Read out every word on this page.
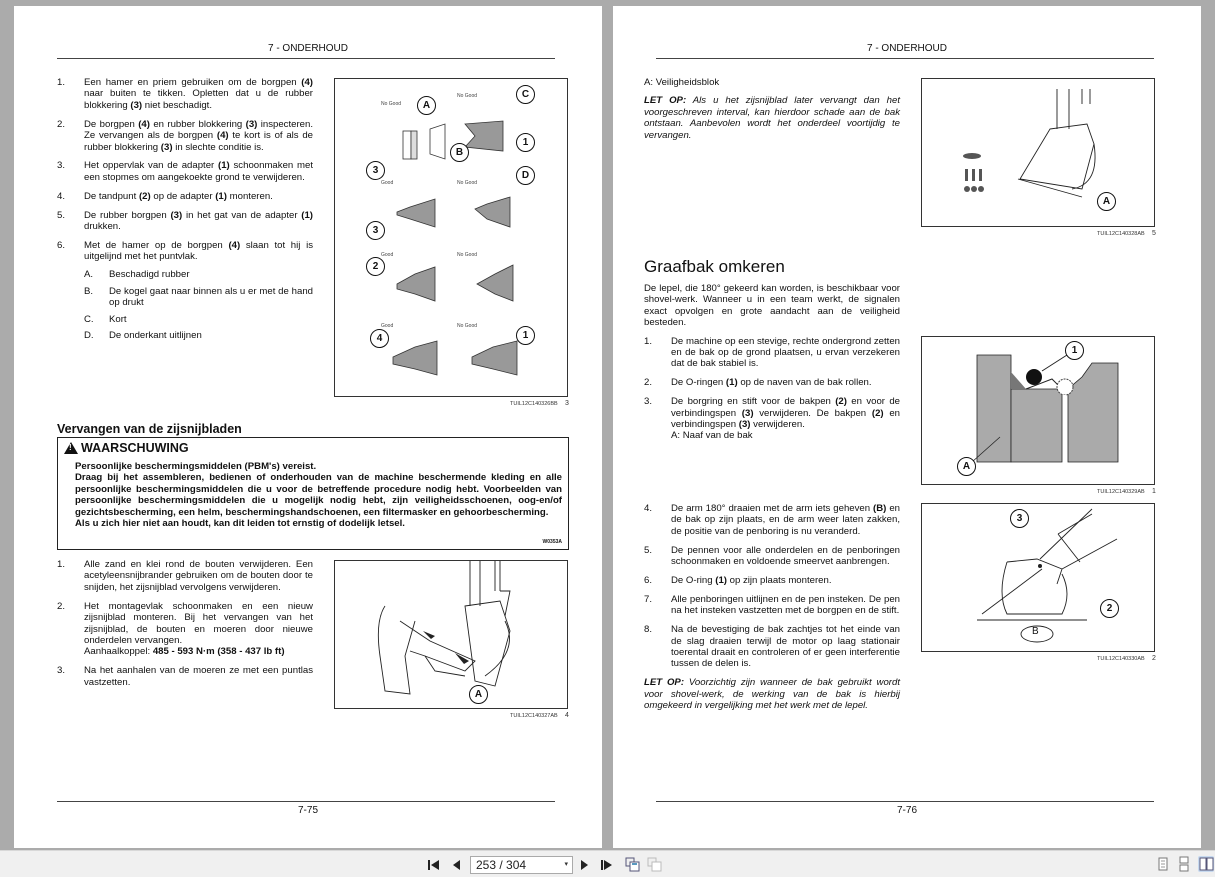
7 - ONDERHOUD
1. Een hamer en priem gebruiken om de borgpen (4) naar buiten te tikken. Opletten dat u de rubber blokkering (3) niet beschadigt.
2. De borgpen (4) en rubber blokkering (3) inspecteren. Ze vervangen als de borgpen (4) te kort is of als de rubber blokkering (3) in slechte conditie is.
3. Het oppervlak van de adapter (1) schoonmaken met een stopmes om aangekoekte grond te verwijderen.
4. De tandpunt (2) op de adapter (1) monteren.
5. De rubber borgpen (3) in het gat van de adapter (1) drukken.
6. Met de hamer op de borgpen (4) slaan tot hij is uitgelijnd met het puntvlak.
A. Beschadigd rubber
B. De kogel gaat naar binnen als u er met de hand op drukt
C. Kort
D. De onderkant uitlijnen
No Good
No Good
Good	No Good
Good	No Good
Good	No Good
A
C
1
B
3	D
3
2
1
4
TUIL12C140326BB 3
Vervangen van de zijsnijbladen
!
WAARSCHUWING
Persoonlijke beschermingsmiddelen (PBM's) vereist.
Draag bij het assembleren, bedienen of onderhouden van de machine beschermende kleding en alle persoonlijke beschermingsmiddelen die u voor de betreffende procedure nodig hebt. Voorbeelden van persoonlijke beschermingsmiddelen die u mogelijk nodig hebt, zijn veiligheidsschoenen, oog-en/of gezichtsbescherming, een helm, beschermingshandschoenen, een filtermasker en gehoorbescherming.
Als u zich hier niet aan houdt, kan dit leiden tot ernstig of dodelijk letsel.
W0353A
1. Alle zand en klei rond de bouten verwijderen. Een acetyleensnijbrander gebruiken om de bouten door te snijden, het zijsnijblad vervolgens verwijderen.
2. Het montagevlak schoonmaken en een nieuw zijsnijblad monteren. Bij het vervangen van het zijsnijblad, de bouten en moeren door nieuwe onderdelen vervangen.
Aanhaalkoppel: 485 - 593 N·m (358 - 437 lb ft)
3. Na het aanhalen van de moeren ze met een puntlas vastzetten.
A
TUIL12C140327AB 4
7-75
7 - ONDERHOUD
A: Veiligheidsblok
LET OP: Als u het zijsnijblad later vervangt dan het voorgeschreven interval, kan hierdoor schade aan de bak ontstaan. Aanbevolen wordt het onderdeel voortijdig te vervangen.
A
TUIL12C140328AB 5
Graafbak omkeren
De lepel, die 180° gekeerd kan worden, is beschikbaar voor shovel-werk. Wanneer u in een team werkt, de signalen exact opvolgen en grote aandacht aan de veiligheid besteden.
1. De machine op een stevige, rechte ondergrond zetten en de bak op de grond plaatsen, u ervan verzekeren dat de bak stabiel is.
2. De O-ringen (1) op de naven van de bak rollen.
3. De borgring en stift voor de bakpen (2) en voor de verbindingspen (3) verwijderen. De bakpen (2) en verbindingspen (3) verwijderen.
A: Naaf van de bak
1
A
TUIL12C140329AB 1
4. De arm 180° draaien met de arm iets geheven (B) en de bak op zijn plaats, en de arm weer laten zakken, de positie van de penboring is nu veranderd.
5. De pennen voor alle onderdelen en de penboringen schoonmaken en voldoende smeervet aanbrengen.
6. De O-ring (1) op zijn plaats monteren.
7. Alle penboringen uitlijnen en de pen insteken. De pen na het insteken vastzetten met de borgpen en de stift.
8. Na de bevestiging de bak zachtjes tot het einde van de slag draaien terwijl de motor op laag stationair toerental draait en controleren of er geen interferentie tussen de delen is.
LET OP: Voorzichtig zijn wanneer de bak gebruikt wordt voor shovel-werk, de werking van de bak is hierbij omgekeerd in vergelijking met het werk met de lepel.
3
2
B
TUIL12C140330AB 2
7-76
253 / 304	▾
